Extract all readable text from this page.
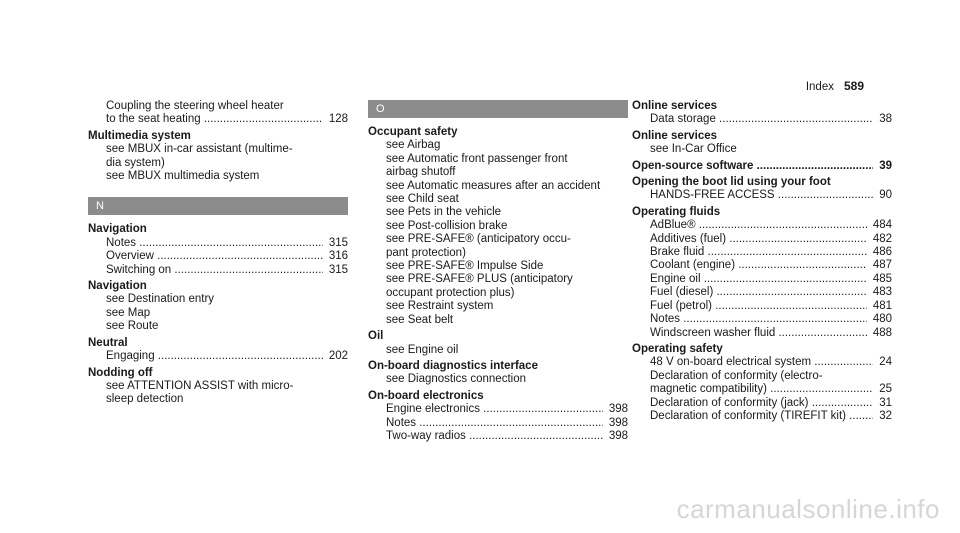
Index 589
Coupling the steering wheel heater
to the seat heating .....	128
Multimedia system
see MBUX in-car assistant (multime-
dia system)
see MBUX multimedia system
N
Navigation
Notes .....	315
Overview .....	316
Switching on .....	315
Navigation
see Destination entry
see Map
see Route
Neutral
Engaging .....	202
Nodding off
see ATTENTION ASSIST with micro-
sleep detection
O
Occupant safety
see Airbag
see Automatic front passenger front
airbag shutoff
see Automatic measures after an accident
see Child seat
see Pets in the vehicle
see Post-collision brake
see PRE-SAFE® (anticipatory occu-
pant protection)
see PRE-SAFE® Impulse Side
see PRE-SAFE® PLUS (anticipatory
occupant protection plus)
see Restraint system
see Seat belt
Oil
see Engine oil
On-board diagnostics interface
see Diagnostics connection
On-board electronics
Engine electronics .....	398
Notes .....	398
Two-way radios .....	398
Online services
Data storage .....	38
Online services
see In-Car Office
Open-source software .....	39
Opening the boot lid using your foot
HANDS-FREE ACCESS .....	90
Operating fluids
AdBlue® .....	484
Additives (fuel) .....	482
Brake fluid .....	486
Coolant (engine) .....	487
Engine oil .....	485
Fuel (diesel) .....	483
Fuel (petrol) .....	481
Notes .....	480
Windscreen washer fluid .....	488
Operating safety
48 V on-board electrical system .....	24
Declaration of conformity (electro-
magnetic compatibility) .....	25
Declaration of conformity (jack) .....	31
Declaration of conformity (TIREFIT kit) .....	32
carmanualsonline.info
